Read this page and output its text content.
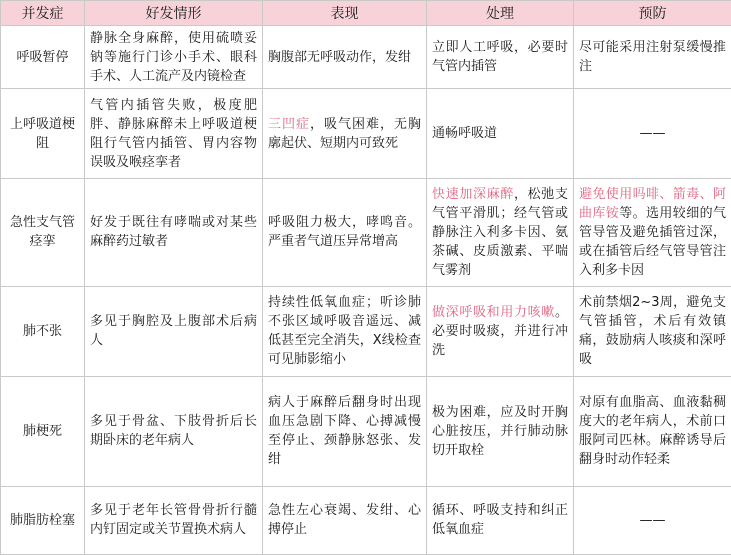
并发症	好发情形	表现	处理	预防
呼吸暂停	静脉全身麻醉，使用硫喷妥钠等施行门诊小手术、眼科手术、人工流产及内镜检查	胸腹部无呼吸动作，发绀	立即人工呼吸，必要时气管内插管	尽可能采用注射泵缓慢推注
上呼吸道梗阻	气管内插管失败，极度肥胖、静脉麻醉未上呼吸道梗阻行气管内插管、胃内容物误吸及喉痉挛者	三凹症，吸气困难，无胸廓起伏、短期内可致死	通畅呼吸道	——
急性支气管痉挛	好发于既往有哮喘或对某些麻醉药过敏者	呼吸阻力极大，哮鸣音。严重者气道压异常增高	快速加深麻醉，松弛支气管平滑肌；经气管或静脉注入利多卡因、氨茶碱、皮质激素、平喘气雾剂	避免使用吗啡、箭毒、阿曲库铵等。选用较细的气管导管及避免插管过深，或在插管后经气管导管注入利多卡因
肺不张	多见于胸腔及上腹部术后病人	持续性低氧血症；听诊肺不张区域呼吸音遥远、减低甚至完全消失，X线检查可见肺影缩小	做深呼吸和用力咳嗽。必要时吸痰，并进行冲洗	术前禁烟2~3周，避免支气管插管，术后有效镇痛，鼓励病人咳痰和深呼吸
肺梗死	多见于骨盆、下肢骨折后长期卧床的老年病人	病人于麻醉后翻身时出现血压急剧下降、心搏减慢至停止、颈静脉怒张、发绀	极为困难，应及时开胸心脏按压，并行肺动脉切开取栓	对原有血脂高、血液黏稠度大的老年病人，术前口服阿司匹林。麻醉诱导后翻身时动作轻柔
肺脂肪栓塞	多见于老年长管骨骨折行髓内钉固定或关节置换术病人	急性左心衰竭、发绀、心搏停止	循环、呼吸支持和纠正低氧血症	——
